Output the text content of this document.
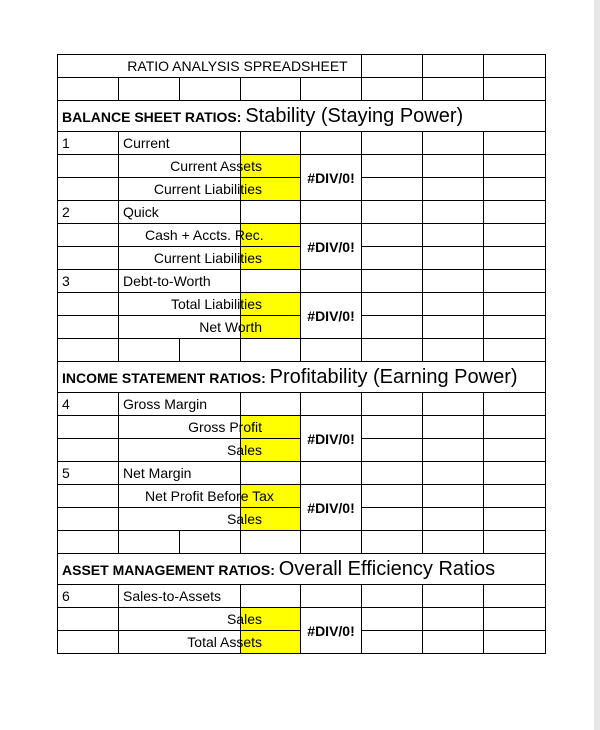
RATIO ANALYSIS SPREADSHEET							

BALANCE SHEET RATIOS: Stability (Staying Power)							
1	Current						
	Current Assets			#DIV/0!			
	Current Liabilities						
2	Quick						
	Cash + Accts. Rec.			#DIV/0!			
	Current Liabilities						
3	Debt-to-Worth						
	Total Liabilities			#DIV/0!			
	Net Worth						

INCOME STATEMENT RATIOS: Profitability (Earning Power)							
4	Gross Margin						
	Gross Profit			#DIV/0!			
	Sales						
5	Net Margin						
	Net Profit Before Tax			#DIV/0!			
	Sales						

ASSET MANAGEMENT RATIOS: Overall Efficiency Ratios							
6	Sales-to-Assets						
	Sales			#DIV/0!			
	Total Assets						
